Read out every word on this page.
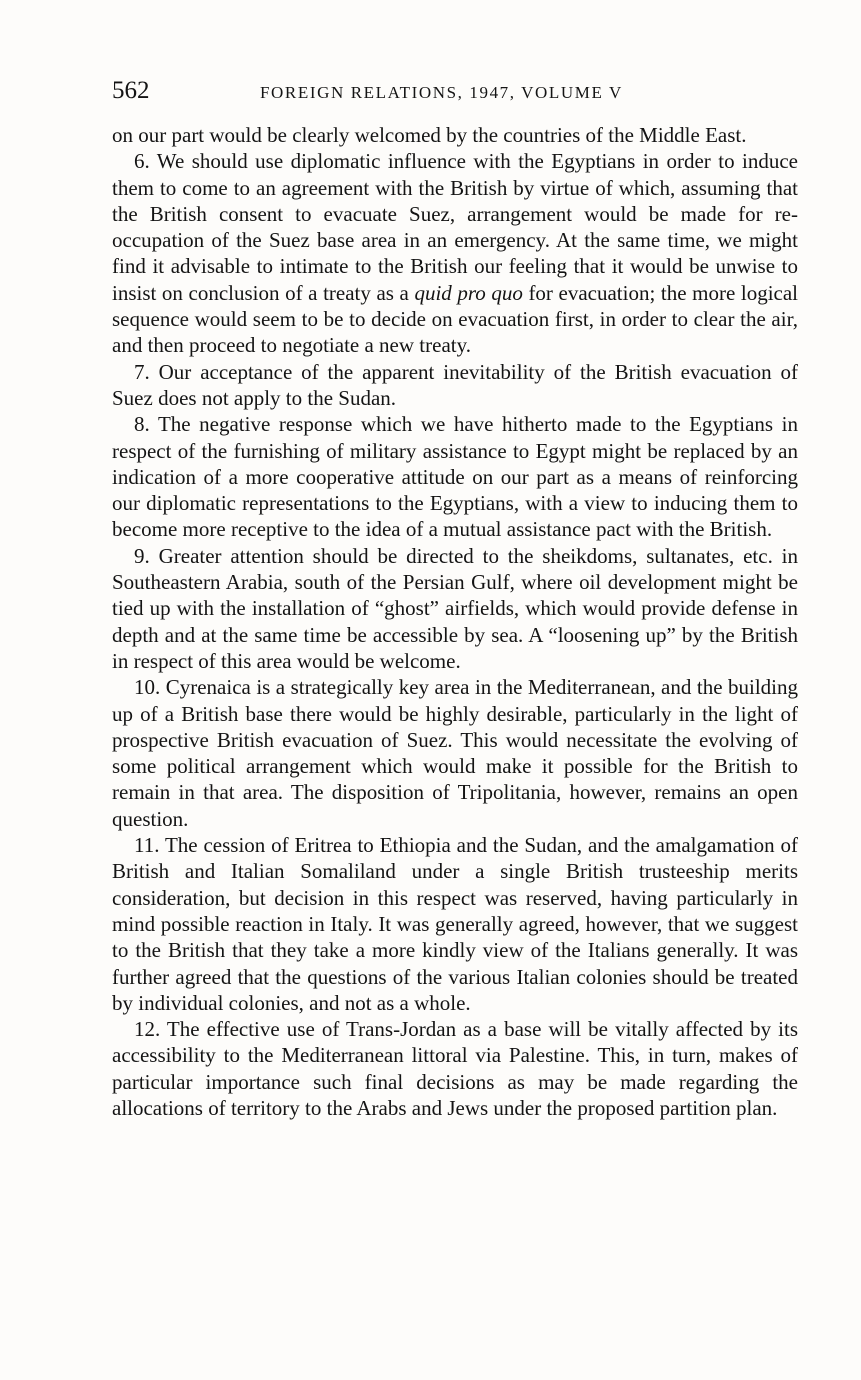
562	FOREIGN RELATIONS, 1947, VOLUME V

on our part would be clearly welcomed by the countries of the Middle East.

6. We should use diplomatic influence with the Egyptians in order to induce them to come to an agreement with the British by virtue of which, assuming that the British consent to evacuate Suez, arrangement would be made for re-occupation of the Suez base area in an emergency. At the same time, we might find it advisable to intimate to the British our feeling that it would be unwise to insist on conclusion of a treaty as a quid pro quo for evacuation; the more logical sequence would seem to be to decide on evacuation first, in order to clear the air, and then proceed to negotiate a new treaty.

7. Our acceptance of the apparent inevitability of the British evacuation of Suez does not apply to the Sudan.

8. The negative response which we have hitherto made to the Egyptians in respect of the furnishing of military assistance to Egypt might be replaced by an indication of a more cooperative attitude on our part as a means of reinforcing our diplomatic representations to the Egyptians, with a view to inducing them to become more receptive to the idea of a mutual assistance pact with the British.

9. Greater attention should be directed to the sheikdoms, sultanates, etc. in Southeastern Arabia, south of the Persian Gulf, where oil development might be tied up with the installation of “ghost” airfields, which would provide defense in depth and at the same time be accessible by sea. A “loosening up” by the British in respect of this area would be welcome.

10. Cyrenaica is a strategically key area in the Mediterranean, and the building up of a British base there would be highly desirable, particularly in the light of prospective British evacuation of Suez. This would necessitate the evolving of some political arrangement which would make it possible for the British to remain in that area. The disposition of Tripolitania, however, remains an open question.

11. The cession of Eritrea to Ethiopia and the Sudan, and the amalgamation of British and Italian Somaliland under a single British trusteeship merits consideration, but decision in this respect was reserved, having particularly in mind possible reaction in Italy. It was generally agreed, however, that we suggest to the British that they take a more kindly view of the Italians generally. It was further agreed that the questions of the various Italian colonies should be treated by individual colonies, and not as a whole.

12. The effective use of Trans-Jordan as a base will be vitally affected by its accessibility to the Mediterranean littoral via Palestine. This, in turn, makes of particular importance such final decisions as may be made regarding the allocations of territory to the Arabs and Jews under the proposed partition plan.
